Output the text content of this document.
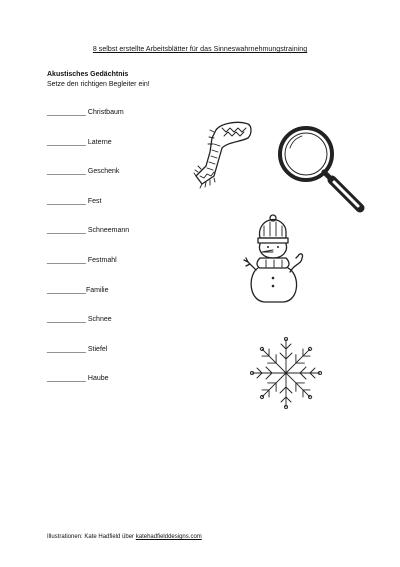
8 selbst erstellte Arbeitsblätter für das Sinneswahrnehmungstraining
Akustisches Gedächtnis
Setze den richtigen Begleiter ein!
__________ Christbaum
__________ Laterne
__________ Geschenk
__________ Fest
__________ Schneemann
__________ Festmahl
__________Familie
__________ Schnee
__________ Stiefel
__________ Haube
Illustrationen: Kate Hadfield über katehadfielddesigns.com
